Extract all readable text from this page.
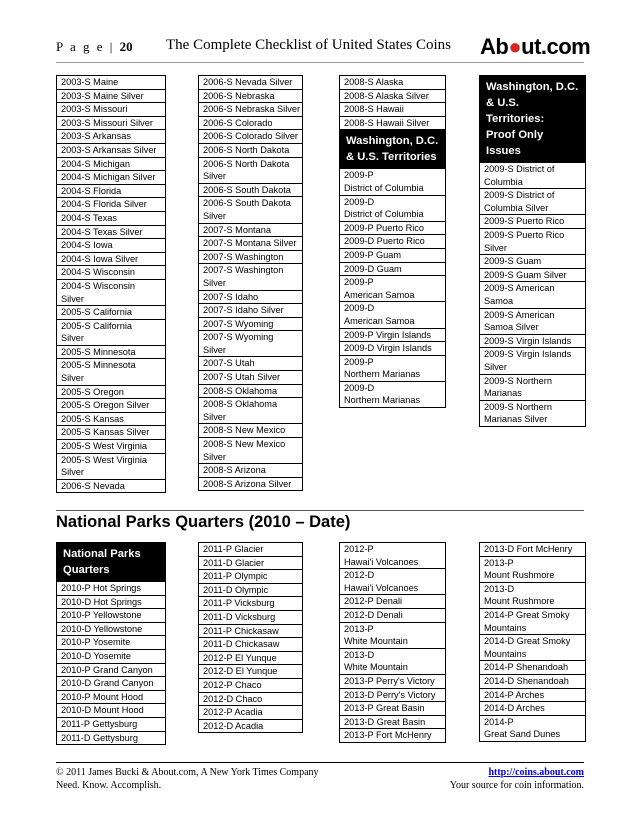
P a g e | 20 The Complete Checklist of United States Coins Ab●ut.com
2003-S Maine
2003-S Maine Silver
2003-S Missouri
2003-S Missouri Silver
2003-S Arkansas
2003-S Arkansas Silver
2004-S Michigan
2004-S Michigan Silver
2004-S Florida
2004-S Florida Silver
2004-S Texas
2004-S Texas Silver
2004-S Iowa
2004-S Iowa Silver
2004-S Wisconsin
2004-S Wisconsin
Silver
2005-S California
2005-S California
Silver
2005-S Minnesota
2005-S Minnesota
Silver
2005-S Oregon
2005-S Oregon Silver
2005-S Kansas
2005-S Kansas Silver
2005-S West Virginia
2005-S West Virginia
Silver
2006-S Nevada
2006-S Nevada Silver
2006-S Nebraska
2006-S Nebraska Silver
2006-S Colorado
2006-S Colorado Silver
2006-S North Dakota
2006-S North Dakota
Silver
2006-S South Dakota
2006-S South Dakota
Silver
2007-S Montana
2007-S Montana Silver
2007-S Washington
2007-S Washington
Silver
2007-S Idaho
2007-S Idaho Silver
2007-S Wyoming
2007-S Wyoming
Silver
2007-S Utah
2007-S Utah Silver
2008-S Oklahoma
2008-S Oklahoma
Silver
2008-S New Mexico
2008-S New Mexico
Silver
2008-S Arizona
2008-S Arizona Silver
2008-S Alaska
2008-S Alaska Silver
2008-S Hawaii
2008-S Hawaii Silver
Washington, D.C.
& U.S. Territories
2009-P
District of Columbia
2009-D
District of Columbia
2009-P Puerto Rico
2009-D Puerto Rico
2009-P Guam
2009-D Guam
2009-P
American Samoa
2009-D
American Samoa
2009-P Virgin Islands
2009-D Virgin Islands
2009-P
Northern Marianas
2009-D
Northern Marianas
Washington, D.C.
& U.S. Territories:
Proof Only Issues
2009-S District of
Columbia
2009-S District of
Columbia Silver
2009-S Puerto Rico
2009-S Puerto Rico
Silver
2009-S Guam
2009-S Guam Silver
2009-S American
Samoa
2009-S American
Samoa Silver
2009-S Virgin Islands
2009-S Virgin Islands
Silver
2009-S Northern
Marianas
2009-S Northern
Marianas Silver
National Parks Quarters (2010 – Date)
National Parks
Quarters
2010-P Hot Springs
2010-D Hot Springs
2010-P Yellowstone
2010-D Yellowstone
2010-P Yosemite
2010-D Yosemite
2010-P Grand Canyon
2010-D Grand Canyon
2010-P Mount Hood
2010-D Mount Hood
2011-P Gettysburg
2011-D Gettysburg
2011-P Glacier
2011-D Glacier
2011-P Olympic
2011-D Olympic
2011-P Vicksburg
2011-D Vicksburg
2011-P Chickasaw
2011-D Chickasaw
2012-P El Yunque
2012-D El Yunque
2012-P Chaco
2012-D Chaco
2012-P Acadia
2012-D Acadia
2012-P
Hawai'i Volcanoes
2012-D
Hawai'i Volcanoes
2012-P Denali
2012-D Denali
2013-P
White Mountain
2013-D
White Mountain
2013-P Perry's Victory
2013-D Perry's Victory
2013-P Great Basin
2013-D Great Basin
2013-P Fort McHenry
2013-D Fort McHenry
2013-P
Mount Rushmore
2013-D
Mount Rushmore
2014-P Great Smoky
Mountains
2014-D Great Smoky
Mountains
2014-P Shenandoah
2014-D Shenandoah
2014-P Arches
2014-D Arches
2014-P
Great Sand Dunes
© 2011 James Bucki & About.com, A New York Times Company
Need. Know. Accomplish.
http://coins.about.com
Your source for coin information.
